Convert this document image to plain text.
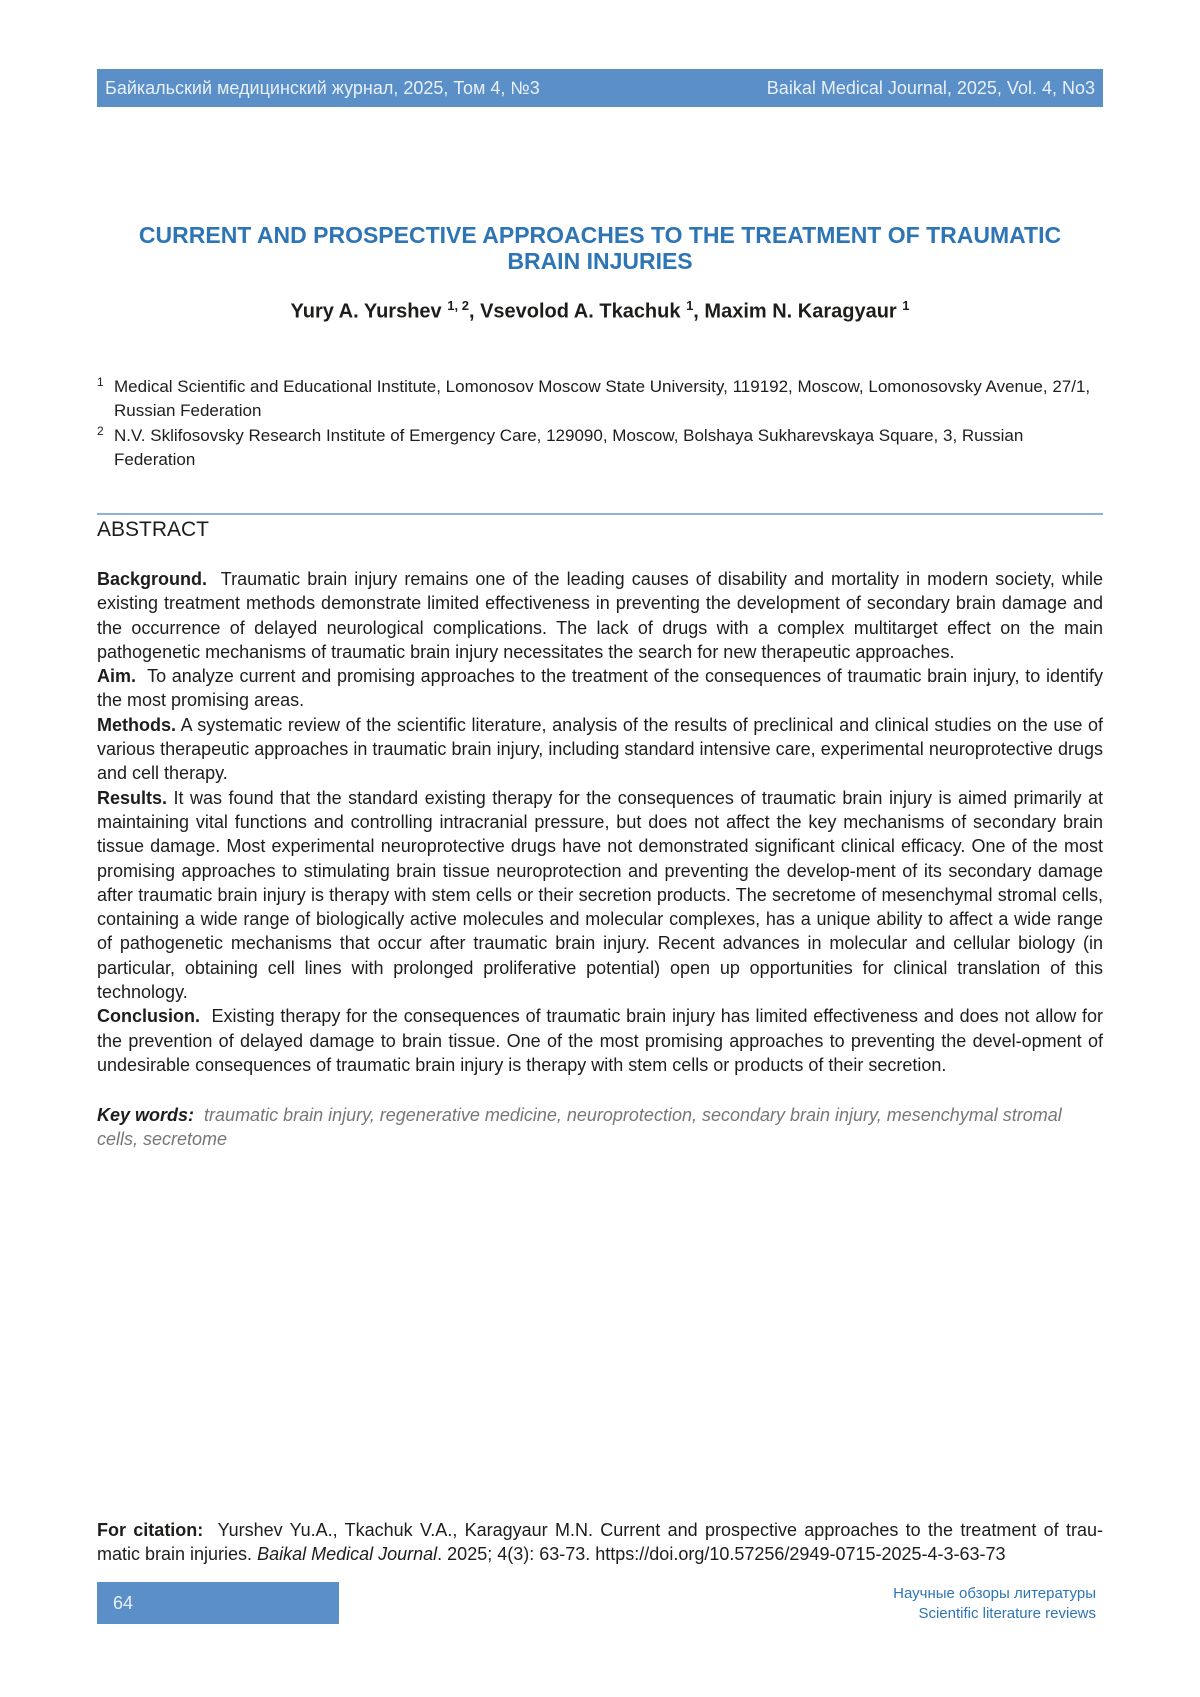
Байкальский медицинский журнал, 2025, Том 4, №3	Baikal Medical Journal, 2025, Vol. 4, No3
CURRENT AND PROSPECTIVE APPROACHES TO THE TREATMENT OF TRAUMATIC
BRAIN INJURIES
Yury A. Yurshev 1, 2, Vsevolod A. Tkachuk 1, Maxim N. Karagyaur 1
1 Medical Scientific and Educational Institute, Lomonosov Moscow State University, 119192, Moscow, Lomonosovsky Avenue, 27/1, Russian Federation
2 N.V. Sklifosovsky Research Institute of Emergency Care, 129090, Moscow, Bolshaya Sukharevskaya Square, 3, Russian Federation
ABSTRACT

Background. Traumatic brain injury remains one of the leading causes of disability and mortality in modern society, while existing treatment methods demonstrate limited effectiveness in preventing the development of secondary brain damage and the occurrence of delayed neurological complications. The lack of drugs with a complex multitarget effect on the main pathogenetic mechanisms of traumatic brain injury necessitates the search for new therapeutic approaches.

Aim. To analyze current and promising approaches to the treatment of the consequences of traumatic brain injury, to identify the most promising areas.

Methods. A systematic review of the scientific literature, analysis of the results of preclinical and clinical studies on the use of various therapeutic approaches in traumatic brain injury, including standard intensive care, experimental neuroprotective drugs and cell therapy.

Results. It was found that the standard existing therapy for the consequences of traumatic brain injury is aimed primarily at maintaining vital functions and controlling intracranial pressure, but does not affect the key mechanisms of secondary brain tissue damage. Most experimental neuroprotective drugs have not demonstrated significant clinical efficacy. One of the most promising approaches to stimulating brain tissue neuroprotection and preventing the develop-ment of its secondary damage after traumatic brain injury is therapy with stem cells or their secretion products. The secretome of mesenchymal stromal cells, containing a wide range of biologically active molecules and molecular complexes, has a unique ability to affect a wide range of pathogenetic mechanisms that occur after traumatic brain injury. Recent advances in molecular and cellular biology (in particular, obtaining cell lines with prolonged proliferative potential) open up opportunities for clinical translation of this technology.

Conclusion. Existing therapy for the consequences of traumatic brain injury has limited effectiveness and does not allow for the prevention of delayed damage to brain tissue. One of the most promising approaches to preventing the devel-opment of undesirable consequences of traumatic brain injury is therapy with stem cells or products of their secretion.

Key words: traumatic brain injury, regenerative medicine, neuroprotection, secondary brain injury, mesenchymal stromal cells, secretome
For citation: Yurshev Yu.A., Tkachuk V.A., Karagyaur M.N. Current and prospective approaches to the treatment of trau-matic brain injuries. Baikal Medical Journal. 2025; 4(3): 63-73. https://doi.org/10.57256/2949-0715-2025-4-3-63-73
64	Научные обзоры литературы
Scientific literature reviews
